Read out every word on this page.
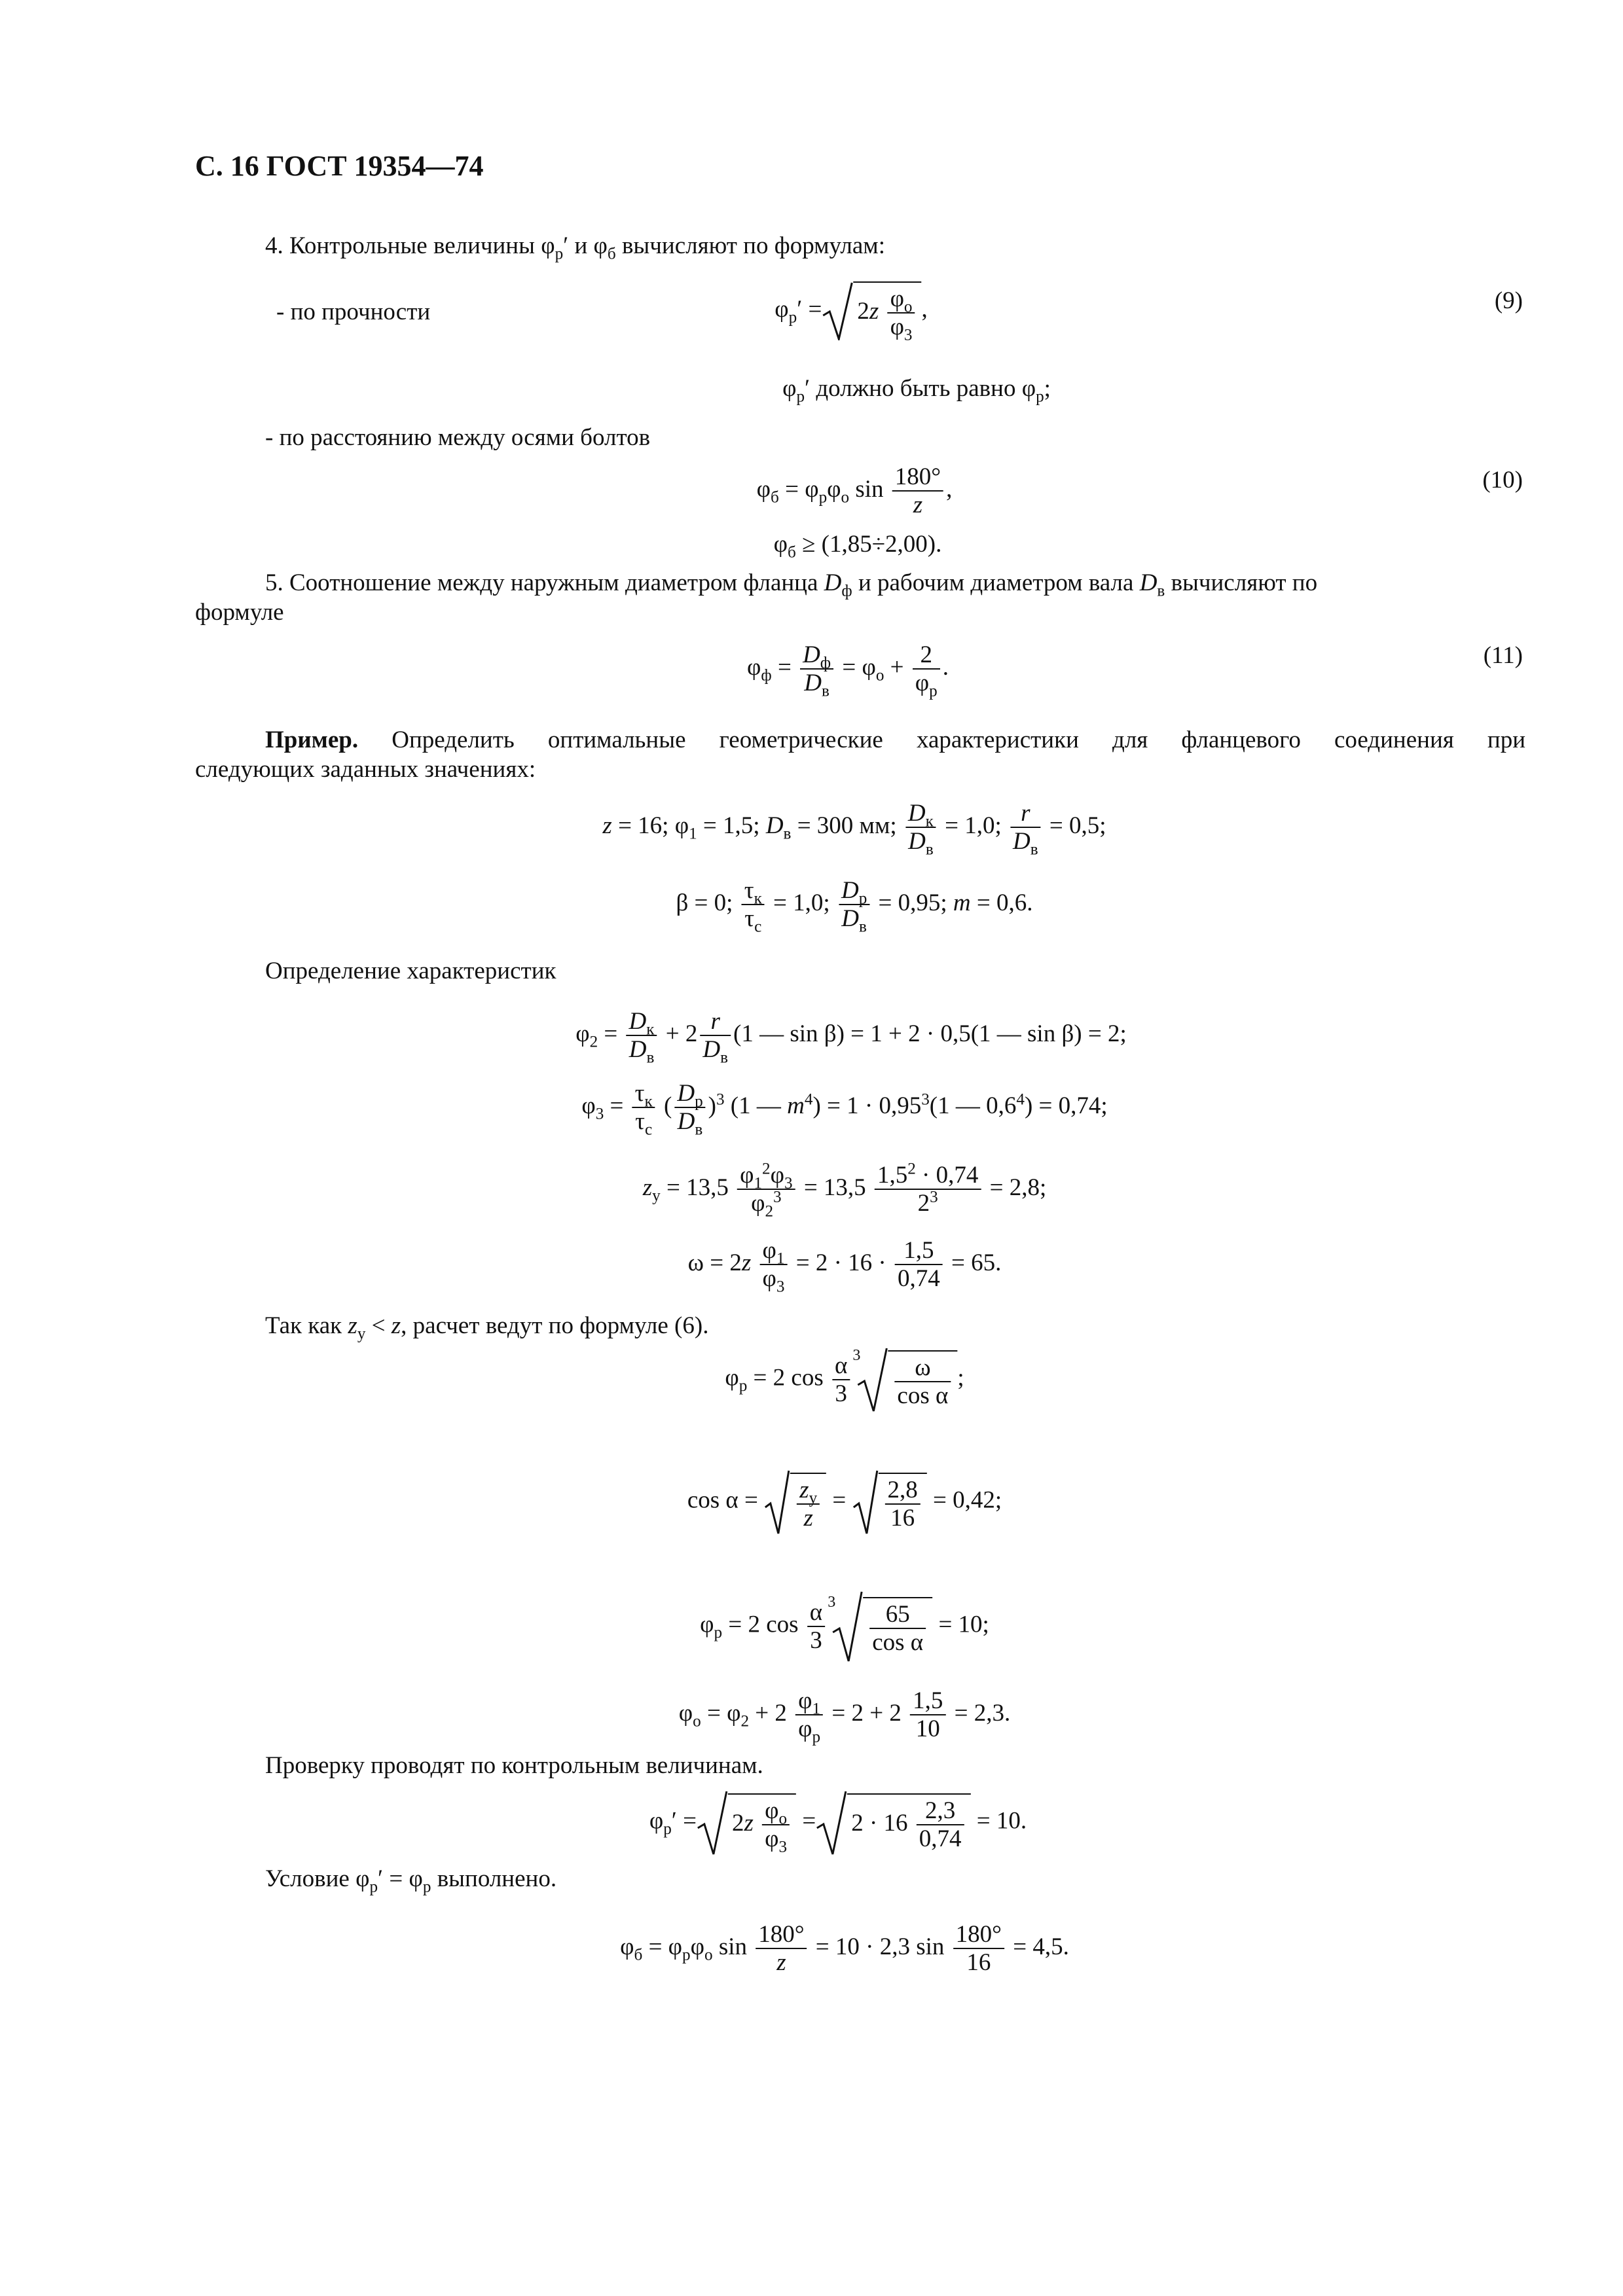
С. 16 ГОСТ 19354—74
4. Контрольные величины $\varphi_р'$ и $\varphi_б$ вычисляют по формулам:
- по прочности	$\varphi_р' = 2z \frac{\varphi_о}{\varphi_3}$ ,	(9)
$\varphi_р'$ должно быть равно $\varphi_р$;
- по расстоянию между осями болтов
$\varphi_б = \varphi_р\varphi_о$ $\sin \frac{180^\circ}{z}$ ,	(10)
$\varphi_б \ge (1,85\div 2,00)$.
5. Соотношение между наружным диаметром фланца $D_ф$ и рабочим диаметром вала $D_в$ вычисляют по
формуле
$\varphi_ф = \frac{D_ф}{D_в} = \varphi_о + \frac{2}{\varphi_р}$ .	(11)
Пример. Определить оптимальные геометрические характеристики для фланцевого соединения при
следующих заданных значениях:
z = 16; $\varphi_1 = 1,5$; $D_в = 300$ мм; $\frac{D_к}{D_в} = 1,0$; $\frac{r}{D_в} = 0,5$;
β = 0; $\frac{\tau_к}{\tau_с} = 1,0$; $\frac{D_р}{D_в} = 0,95$; m = 0,6.
Определение характеристик
$\varphi_2 = \frac{D_к}{D_в} + 2 \frac{r}{D_в} (1$ — sin β) = 1 + 2 · 0,5(1 — sin β) = 2;
$\varphi_3 = \frac{\tau_к}{\tau_с}$ ( $\frac{D_р}{D_в} )^3$ (1 — $m^4) = 1 \cdot 0,95^3(1$ — $0,6^4) = 0,74$;
$z_у = 13,5 \frac{\varphi_1^2\varphi_3}{\varphi_2^3} = 13,5 \frac{1,5^2 \cdot 0,74}{2^3} = 2,8$;
$\omega = 2z \frac{\varphi_1}{\varphi_3} = 2 \cdot 16 \cdot \frac{1,5}{0,74} = 65$.
Так как $z_у < z$, расчет ведут по формуле (6).
$\varphi_р = 2$ $\cos \frac{\alpha}{3} ^3 \frac{\omega}{\text{cos α}}$ ;
$\cos \alpha = \frac{z_у}{z} = \frac{2,8}{16} = 0,42$;
$\varphi_р = 2$ $\cos \frac{\alpha}{3} ^3 \frac{65}{\text{cos α}} = 10$;
$\varphi_о = \varphi_2 + 2 \frac{\varphi_1}{\varphi_р} = 2 + 2 \frac{1,5}{10} = 2,3$.
Проверку проводят по контрольным величинам.
$\varphi_р' = 2z \frac{\varphi_о}{\varphi_3} = 2 \cdot 16 \frac{2,3}{0,74} = 10$.
Условие $\varphi_р' = \varphi_р$ выполнено.
$\varphi_б = \varphi_р\varphi_о$ $\sin \frac{180^\circ}{z} = 10 \cdot 2,3$ $\sin \frac{180^\circ}{16} = 4,5$.
